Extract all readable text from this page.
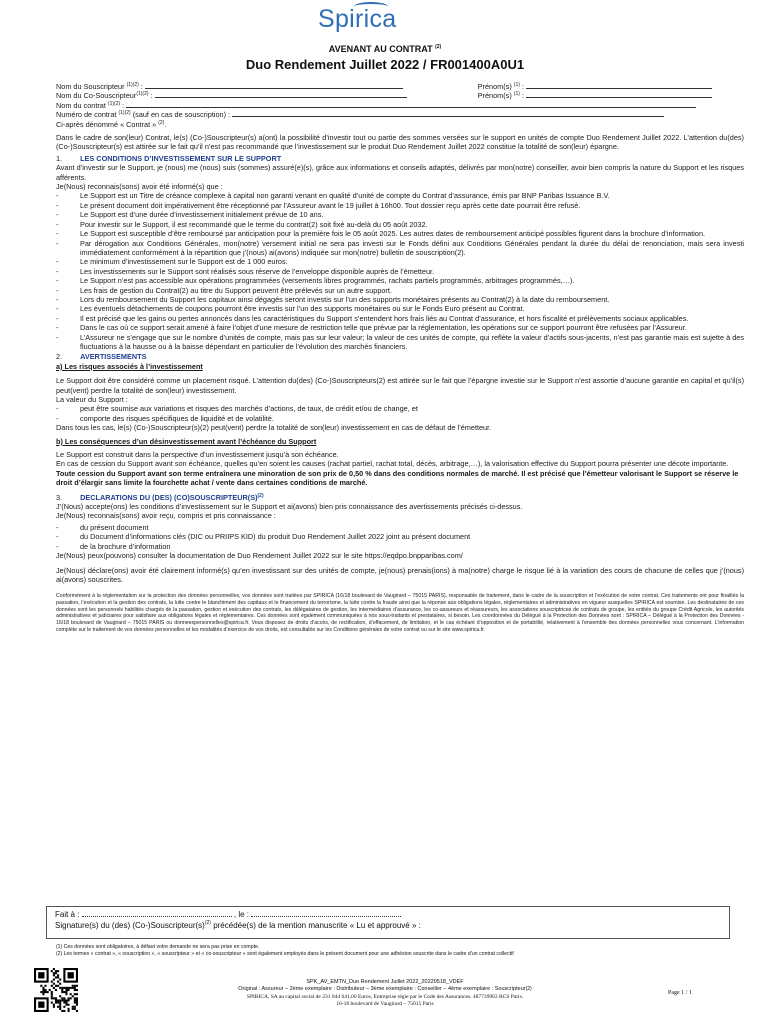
Spirica
AVENANT AU CONTRAT $^{(2)}$
Duo Rendement Juillet 2022 / FR001400A0U1
Nom du Souscripteur $^{(1)(2)}$ :	Prénom(s) $^{(1)}$ :
Nom du Co-Souscripteur$^{(1)(2)}$ :	Prénom(s) $^{(1)}$ :
Nom du contrat $^{(1)(2)}$ :
Numéro de contrat $^{(1)(2)}$ (sauf en cas de souscription) :
Ci-après dénommé « Contrat » $^{(2)}$.

Dans le cadre de son(leur) Contrat, le(s) (Co-)Souscripteur(s) a(ont) la possibilité d’investir tout ou partie des sommes versées sur le support en unités de compte Duo Rendement Juillet 2022. L’attention du(des) (Co-)Souscripteur(s) est attirée sur le fait qu’il n’est pas recommandé que l’investissement sur le produit Duo Rendement Juillet 2022 constitue la totalité de son(leur) épargne.

1. LES CONDITIONS D’INVESTISSEMENT SUR LE SUPPORT

Avant d’investir sur le Support, je (nous) me (nous) suis (sommes) assuré(e)(s), grâce aux informations et conseils adaptés, délivrés par mon(notre) conseiller, avoir bien compris la nature du Support et les risques afférents.

Je(Nous) reconnais(sons) avoir été informé(s) que :

-	Le Support est un Titre de créance complexe à capital non garanti venant en qualité d’unité de compte du Contrat d’assurance, émis par BNP Paribas Issuance B.V.
-	Le présent document doit impérativement être réceptionné par l’Assureur avant le 19 juillet à 16h00. Tout dossier reçu après cette date pourrait être refusé.
-	Le Support est d’une durée d’investissement initialement prévue de 10 ans.
-	Pour investir sur le Support, il est recommandé que le terme du contrat(2) soit fixé au-delà du 05 août 2032.
-	Le Support est susceptible d’être remboursé par anticipation pour la première fois le 05 août 2025. Les autres dates de remboursement anticipé possibles figurent dans la brochure d’information.
-	Par dérogation aux Conditions Générales, mon(notre) versement initial ne sera pas investi sur le Fonds défini aux Conditions Générales pendant la durée du délai de renonciation, mais sera investi immédiatement conformément à la répartition que j’(nous) ai(avons) indiquée sur mon(notre) bulletin de souscription(2).
-	Le minimum d’investissement sur le Support est de 1 000 euros.
-	Les investissements sur le Support sont réalisés sous réserve de l’enveloppe disponible auprès de l’émetteur.
-	Le Support n’est pas accessible aux opérations programmées (versements libres programmés, rachats partiels programmés, arbitrages programmés,…).
-	Les frais de gestion du Contrat(2) au titre du Support peuvent être prélevés sur un autre support.
-	Lors du remboursement du Support les capitaux ainsi dégagés seront investis sur l’un des supports monétaires présents au Contrat(2) à la date du remboursement.
-	Les éventuels détachements de coupons pourront être investis sur l’un des supports monétaires ou sur le Fonds Euro présent au Contrat.
-	Il est précisé que les gains ou pertes annoncés dans les caractéristiques du Support s’entendent hors frais liés au Contrat d’assurance, et hors fiscalité et prélèvements sociaux applicables.
-	Dans le cas où ce support serait amené à faire l’objet d’une mesure de restriction telle que prévue par la réglementation, les opérations sur ce support pourront être refusées par l’Assureur.
-	L’Assureur ne s’engage que sur le nombre d’unités de compte, mais pas sur leur valeur; la valeur de ces unités de compte, qui reflète la valeur d’actifs sous-jacents, n’est pas garantie mais est sujette à des fluctuations à la hausse ou à la baisse dépendant en particulier de l’évolution des marchés financiers.
2. AVERTISSEMENTS

a) Les risques associés à l’investissement

Le Support doit être considéré comme un placement risqué. L’attention du(des) (Co-)Souscripteurs(2) est attirée sur le fait que l’épargne investie sur le Support n’est assortie d’aucune garantie en capital et qu’il(s) peut(vent) perdre la totalité de son(leur) investissement.

La valeur du Support :

-	peut être soumise aux variations et risques des marchés d’actions, de taux, de crédit et/ou de change, et
-	comporte des risques spécifiques de liquidité et de volatilité.

Dans tous les cas, le(s) (Co-)Souscripteur(s)(2) peut(vent) perdre la totalité de son(leur) investissement en cas de défaut de l’émetteur.

b) Les conséquences d’un désinvestissement avant l’échéance du Support

Le Support est construit dans la perspective d’un investissement jusqu’à son échéance.

En cas de cession du Support avant son échéance, quelles qu’en soient les causes (rachat partiel, rachat total, décès, arbitrage,…), la valorisation effective du Support pourra présenter une décote importante.

Toute cession du Support avant son terme entraînera une minoration de son prix de 0,50 % dans des conditions normales de marché. Il est précisé que l’émetteur valorisant le Support se réserve le droit d’élargir sans limite la fourchette achat / vente dans certaines conditions de marché.

3. DECLARATIONS DU (DES) $(CO)SOUSCRIPTEUR(S)^{(2)}$

J’(Nous) accepte(ons) les conditions d’investissement sur le Support et ai(avons) bien pris connaissance des avertissements précisés ci-dessus.

Je(Nous) reconnais(sons) avoir reçu, compris et pris connaissance :

-	du présent document
-	du Document d’informations clés (DIC ou PRIIPS KID) du produit Duo Rendement Juillet 2022 joint au présent document
-	de la brochure d’information

Je(Nous) peux(pouvons) consulter la documentation de Duo Rendement Juillet 2022 sur le site https://eqdpo.bnpparibas.com/

Je(Nous) déclare(ons) avoir été clairement informé(s) qu’en investissant sur des unités de compte, je(nous) prenais(ions) à ma(notre) charge le risque lié à la variation des cours de chacune de celles que j’(nous) ai(avons) souscrites.

Conformément à la réglementation sur la protection des données personnelles, vos données sont traitées par SPIRICA (16/18 boulevard de Vaugirard – 75015 PARIS), responsable de traitement, dans le cadre de la souscription et l’exécution de votre contrat. Ces traitements ont pour finalités la passation, l’exécution et la gestion des contrats, la lutte contre le blanchiment des capitaux et le financement du terrorisme, la lutte contre la fraude ainsi que la réponse aux obligations légales, réglementaires et administratives en vigueur auxquelles SPIRICA est soumise. Les destinataires de ces données sont les personnels habilités chargés de la passation, gestion et exécution des contrats, les délégataires de gestion, les intermédiaires d’assurance, les co-assureurs et réassureurs, les associations souscriptrices de contrats de groupe, les entités du groupe Crédit Agricole, les autorités administratives et judiciaires pour satisfaire aux obligations légales et réglementaires. Ces données sont également communiquées à nos sous-traitants et prestataires, si besoin. Les coordonnées du Délégué à la Protection des Données sont : SPIRICA – Délégué à la Protection des Données - 16/18 boulevard de Vaugirard – 75015 PARIS ou donneespersonnelles@spirica.fr. Vous disposez de droits d’accès, de rectification, d’effacement, de limitation, et le cas échéant d’opposition et de portabilité, relativement à l’ensemble des données personnelles vous concernant. L’information complète sur le traitement de vos données personnelles et les modalités d’exercice de vos droits, est consultable sur les Conditions générales de votre contrat ou sur le site www.spirica.fr.

Fait à :	, le :
Signature(s) du (des) $(Co-)Souscripteur(s)^{(2)}$ précédée(s) de la mention manuscrite « Lu et approuvé » :
(1) Ces données sont obligatoires, à défaut votre demande ne sera pas prise en compte.
(2) Les termes « contrat », « souscription », « souscripteur » et « co-souscripteur » sont également employés dans le présent document pour une adhésion souscrite dans le cadre d’un contrat collectif
SPK_AV_EMTN_Duo Rendement Juillet 2022_20220518_VDEF
Original : Assureur – 2ème exemplaire : Distributeur – 3ème exemplaire : Conseiller – 4ème exemplaire : Souscripteur(2)
SPIRICA, SA au capital social de 231 044 641,00 Euros, Entreprise régie par le Code des Assurances. 487739963 RCS Paris.
16-18 boulevard de Vaugirard – 75015 Paris
Page 1 / 1
